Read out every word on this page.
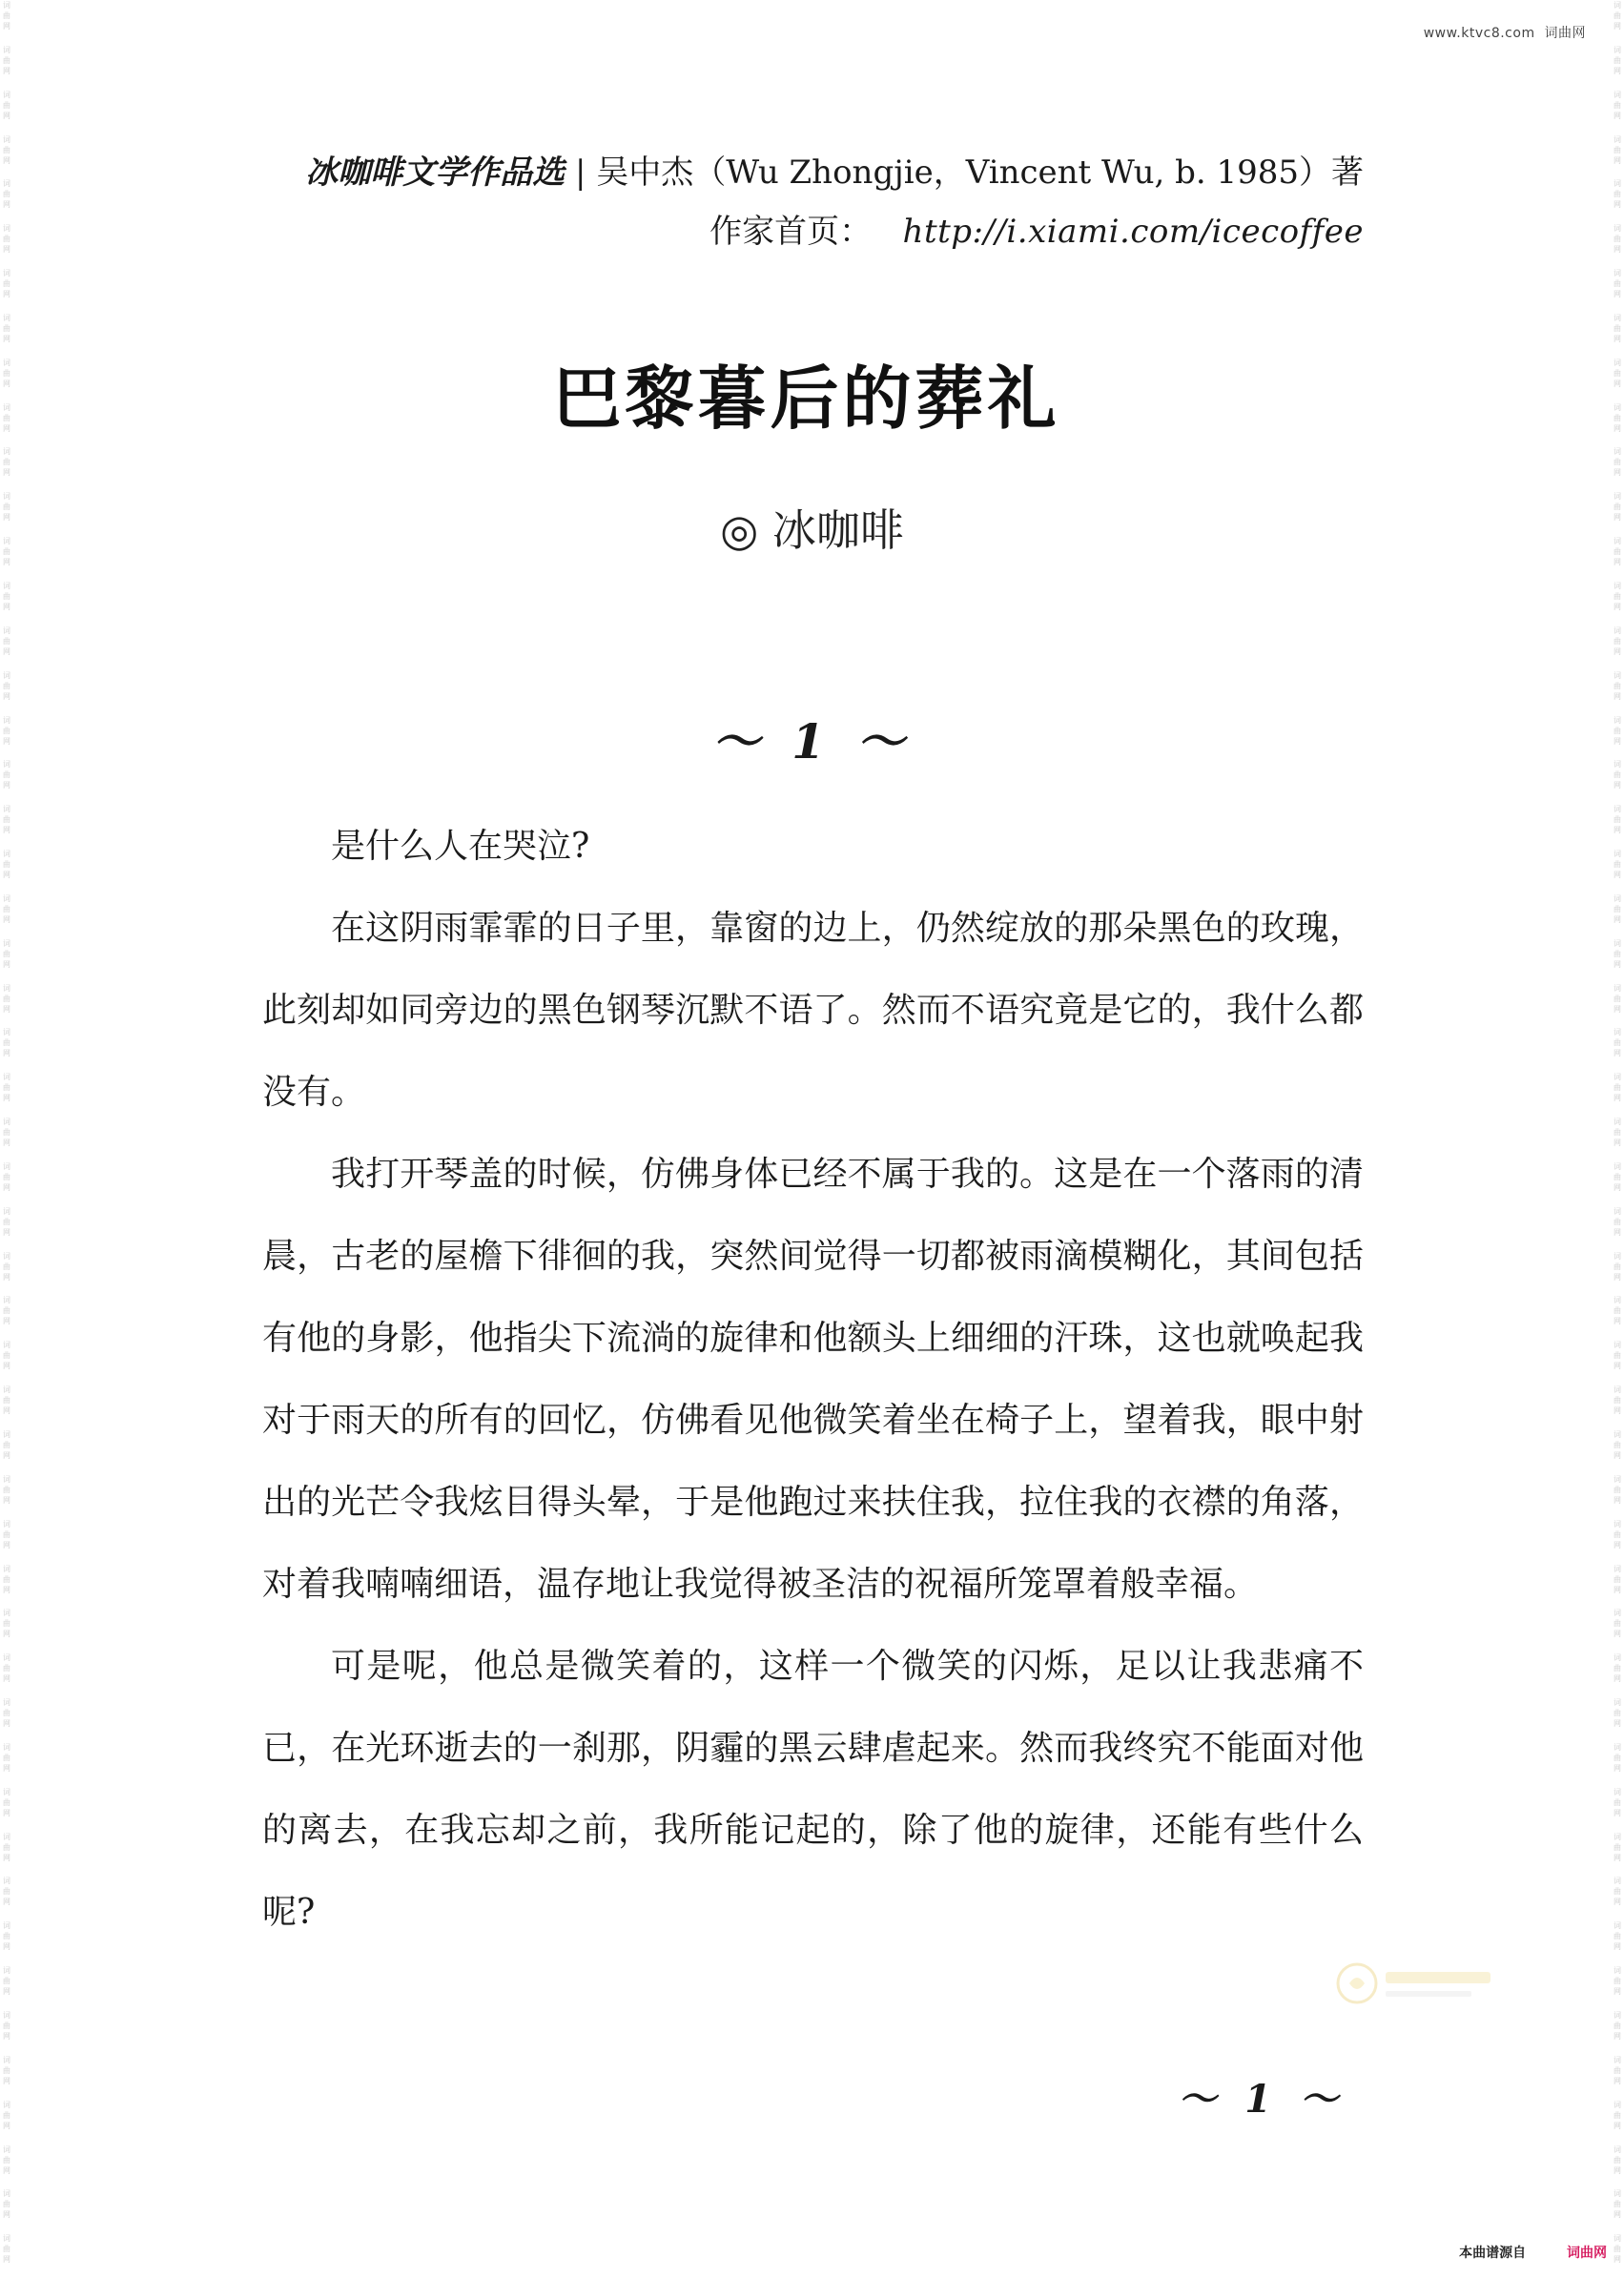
词
曲
网
词
曲
网
词
曲
网
词
曲
网
词
曲
网
词
曲
网
词
曲
网
词
曲
网
词
曲
网
词
曲
网
词
曲
网
词
曲
网
词
曲
网
词
曲
网
词
曲
网
词
曲
网
词
曲
网
词
曲
网
词
曲
网
词
曲
网
词
曲
网
词
曲
网
词
曲
网
词
曲
网
词
曲
网
词
曲
网
词
曲
网
词
曲
网
词
曲
网
词
曲
网
词
曲
网
词
曲
网
词
曲
网
词
曲
网
词
曲
网
词
曲
网
词
曲
网
词
曲
网
词
曲
网
词
曲
网
词
曲
网
词
曲
网
词
曲
网
词
曲
网
词
曲
网
词
曲
网
词
曲
网
词
曲
网
词
曲
网
词
曲
网
词
曲
网
词
曲
网
词
曲
网
词
曲
网
词
曲
网
词
曲
网
词
曲
网
词
曲
网
词
曲
网
词
曲
网
词
曲
网
词
曲
网
词
曲
网
词
曲
网
词
曲
网
词
曲
网
词
曲
网
词
曲
网
词
曲
网
词
曲
网
词
曲
网
词
曲
网
词
曲
网
词
曲
网
词
曲
网
词
曲
网
词
曲
网
词
曲
网
词
曲
网
词
曲
网
词
曲
网
词
曲
网
词
曲
网
词
曲
网
词
曲
网
词
曲
网
词
曲
网
词
曲
网
词
曲
网
词
曲
网
词
曲
网
词
曲
网
词
曲
网
词
曲
网
词
曲
网
词
曲
网
词
曲
网
词
曲
网
词
曲
网
词
曲
网
词
曲
网
词
曲
网
www.ktvc8.com 词曲网
冰咖啡文学作品选 | 吴中杰（Wu Zhongjie，Vincent Wu, b. 1985）著
作家首页： http://i.xiami.com/icecoffee
巴黎暮后的葬礼
◎ 冰咖啡
～ 1 ～

是什么人在哭泣?

在这阴雨霏霏的日子里，靠窗的边上，仍然绽放的那朵黑色的玫瑰，此刻却如同旁边的黑色钢琴沉默不语了。然而不语究竟是它的，我什么都没有。

我打开琴盖的时候，仿佛身体已经不属于我的。这是在一个落雨的清晨，古老的屋檐下徘徊的我，突然间觉得一切都被雨滴模糊化，其间包括有他的身影，他指尖下流淌的旋律和他额头上细细的汗珠，这也就唤起我对于雨天的所有的回忆，仿佛看见他微笑着坐在椅子上，望着我，眼中射出的光芒令我炫目得头晕，于是他跑过来扶住我，拉住我的衣襟的角落，对着我喃喃细语，温存地让我觉得被圣洁的祝福所笼罩着般幸福。

可是呢，他总是微笑着的，这样一个微笑的闪烁，足以让我悲痛不已，在光环逝去的一刹那，阴霾的黑云肆虐起来。然而我终究不能面对他的离去，在我忘却之前，我所能记起的，除了他的旋律，还能有些什么呢?

～ 1 ～
本曲谱源自	词曲网
